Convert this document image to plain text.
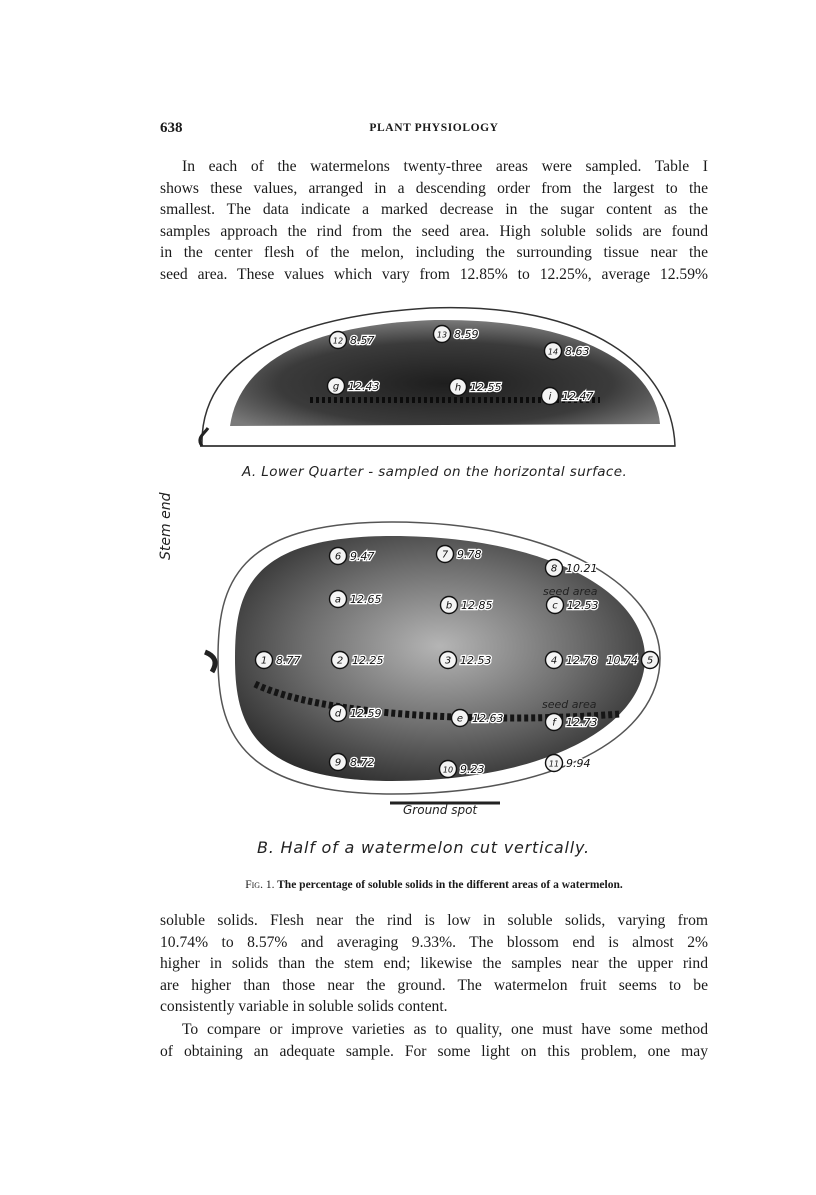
638	PLANT PHYSIOLOGY
In each of the watermelons twenty-three areas were sampled. Table I
shows these values, arranged in a descending order from the largest to the
smallest. The data indicate a marked decrease in the sugar content as the
samples approach the rind from the seed area. High soluble solids are found
in the center flesh of the melon, including the surrounding tissue near the
seed area. These values which vary from 12.85% to 12.25%, average 12.59%
12 8.57	13 8.59
14 8.63
g 12.43	h 12.55
i 12.47
6 9.47	7 9.78
8 10.21
a 12.65	b 12.85	c 12.53
1 8.77	2 12.25	3 12.53	4 12.78	5
10.74
d 12.59	e 12.63	f 12.73
9 8.72
10 9.23	11 9.94
A. Lower Quarter - sampled on the horizontal surface.
B. Half of a watermelon cut vertically.
Stem end
Ground spot
seed area
seed area
Fig. 1. The percentage of soluble solids in the different areas of a watermelon.
soluble solids. Flesh near the rind is low in soluble solids, varying from
10.74% to 8.57% and averaging 9.33%. The blossom end is almost 2%
higher in solids than the stem end; likewise the samples near the upper rind
are higher than those near the ground. The watermelon fruit seems to be
consistently variable in soluble solids content.
To compare or improve varieties as to quality, one must have some method
of obtaining an adequate sample. For some light on this problem, one may
